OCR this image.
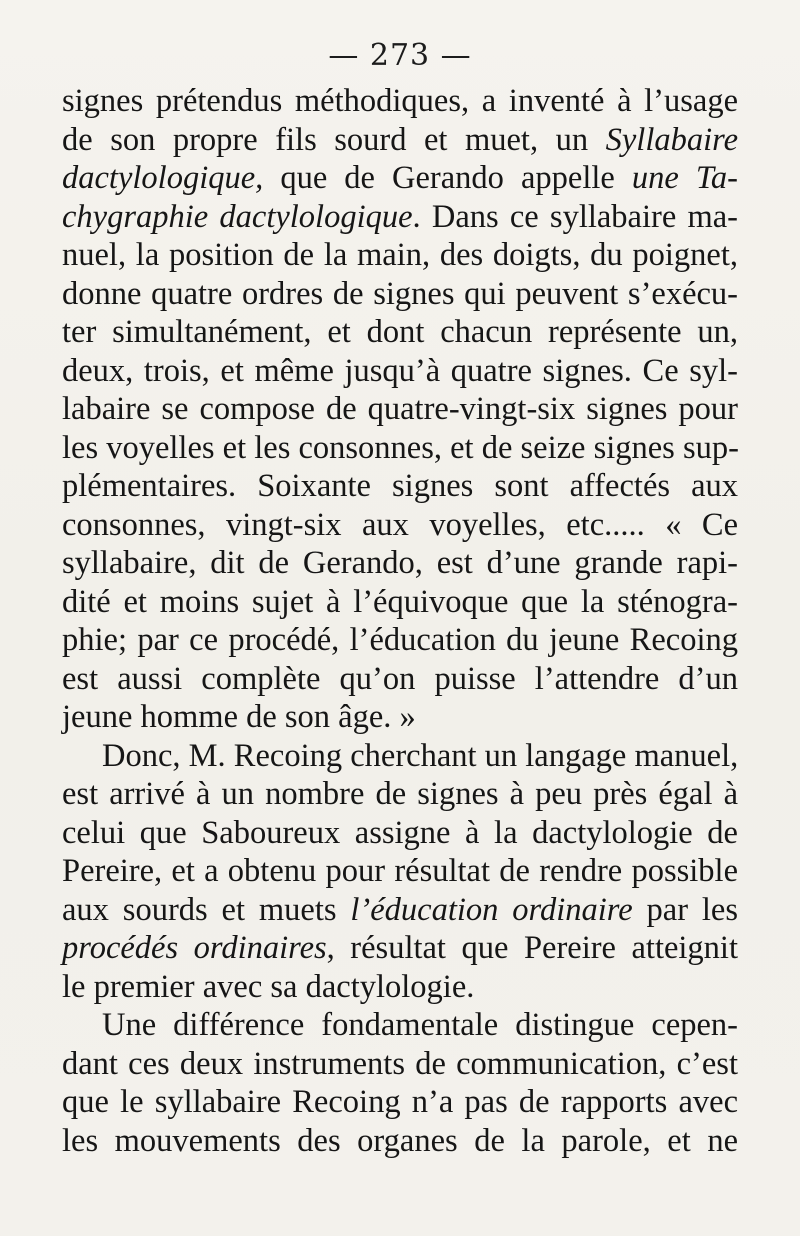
— 273 —
signes prétendus méthodiques, a inventé à l’usage
de son propre fils sourd et muet, un Syllabaire
dactylologique, que de Gerando appelle une Ta-
chygraphie dactylologique. Dans ce syllabaire ma-
nuel, la position de la main, des doigts, du poignet,
donne quatre ordres de signes qui peuvent s’exécu-
ter simultanément, et dont chacun représente un,
deux, trois, et même jusqu’à quatre signes. Ce syl-
labaire se compose de quatre-vingt-six signes pour
les voyelles et les consonnes, et de seize signes sup-
plémentaires. Soixante signes sont affectés aux
consonnes, vingt-six aux voyelles, etc..... « Ce
syllabaire, dit de Gerando, est d’une grande rapi-
dité et moins sujet à l’équivoque que la sténogra-
phie; par ce procédé, l’éducation du jeune Recoing
est aussi complète qu’on puisse l’attendre d’un
jeune homme de son âge. »
Donc, M. Recoing cherchant un langage manuel,
est arrivé à un nombre de signes à peu près égal à
celui que Saboureux assigne à la dactylologie de
Pereire, et a obtenu pour résultat de rendre possible
aux sourds et muets l’éducation ordinaire par les
procédés ordinaires, résultat que Pereire atteignit
le premier avec sa dactylologie.
Une différence fondamentale distingue cepen-
dant ces deux instruments de communication, c’est
que le syllabaire Recoing n’a pas de rapports avec
les mouvements des organes de la parole, et ne
